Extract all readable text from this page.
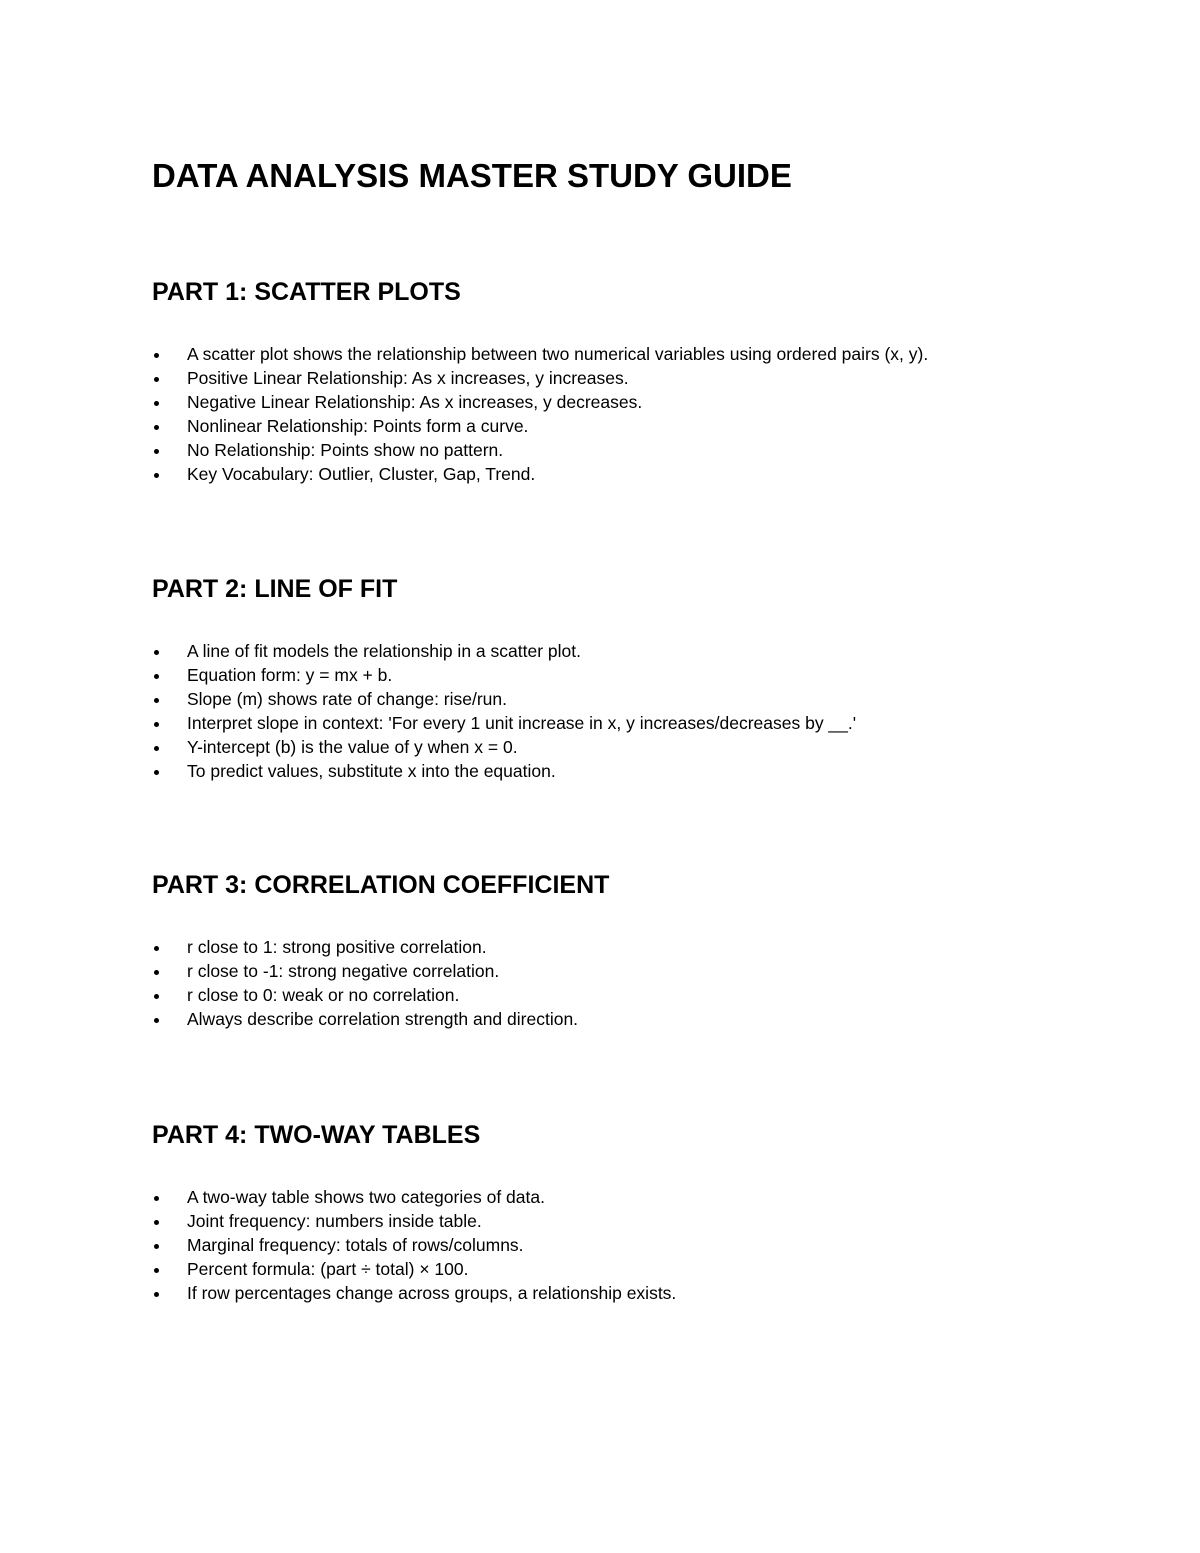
DATA ANALYSIS MASTER STUDY GUIDE
PART 1: SCATTER PLOTS
A scatter plot shows the relationship between two numerical variables using ordered pairs (x, y).
Positive Linear Relationship: As x increases, y increases.
Negative Linear Relationship: As x increases, y decreases.
Nonlinear Relationship: Points form a curve.
No Relationship: Points show no pattern.
Key Vocabulary: Outlier, Cluster, Gap, Trend.
PART 2: LINE OF FIT
A line of fit models the relationship in a scatter plot.
Equation form: y = mx + b.
Slope (m) shows rate of change: rise/run.
Interpret slope in context: 'For every 1 unit increase in x, y increases/decreases by __.'
Y-intercept (b) is the value of y when x = 0.
To predict values, substitute x into the equation.
PART 3: CORRELATION COEFFICIENT
r close to 1: strong positive correlation.
r close to -1: strong negative correlation.
r close to 0: weak or no correlation.
Always describe correlation strength and direction.
PART 4: TWO-WAY TABLES
A two-way table shows two categories of data.
Joint frequency: numbers inside table.
Marginal frequency: totals of rows/columns.
Percent formula: (part ÷ total) × 100.
If row percentages change across groups, a relationship exists.
